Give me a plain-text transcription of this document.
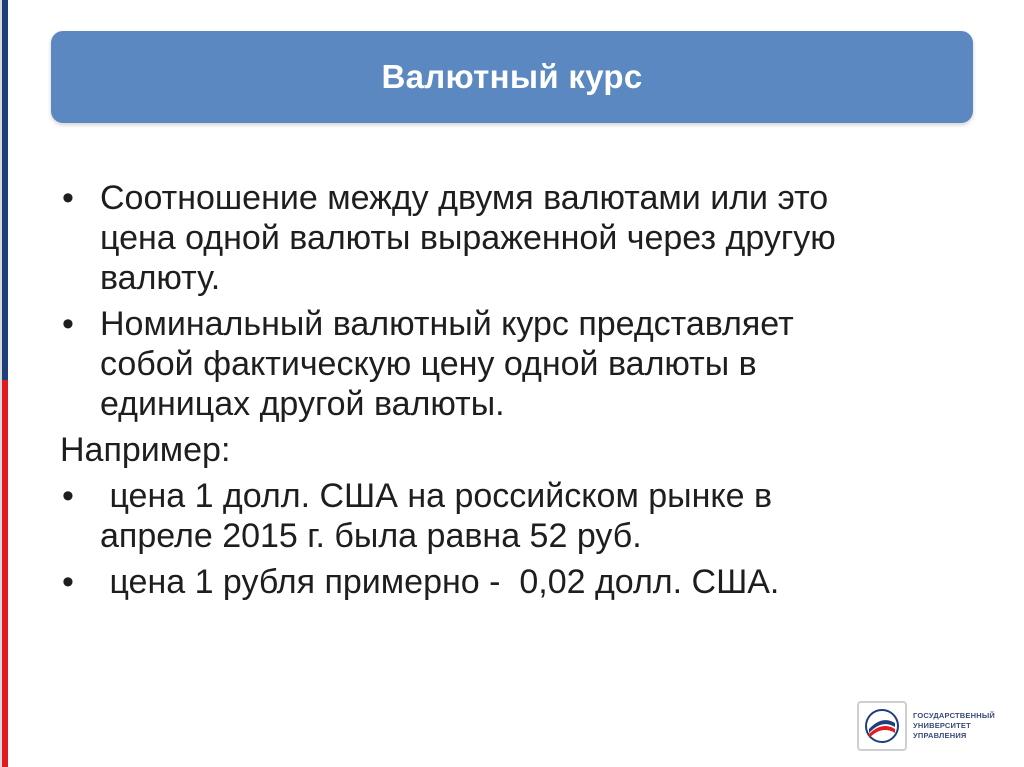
Валютный курс
• Соотношение между двумя валютами или это
цена одной валюты выраженной через другую
валюту.
• Номинальный валютный курс представляет
собой фактическую цену одной валюты в
единицах другой валюты.
Например:
• цена 1 долл. США на российском рынке в
апреле 2015 г. была равна 52 руб.
• цена 1 рубля примерно -  0,02 долл. США.
ГОСУДАРСТВЕННЫЙ
УНИВЕРСИТЕТ
УПРАВЛЕНИЯ
